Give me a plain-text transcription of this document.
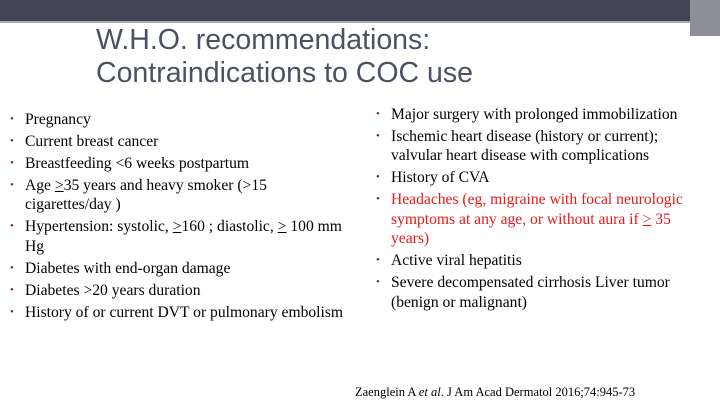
W.H.O. recommendations:
Contraindications to COC use
• Pregnancy
• Current breast cancer
• Breastfeeding <6 weeks postpartum
• Age >35 years and heavy smoker (>15 cigarettes/day )
• Hypertension: systolic, >160 ; diastolic, > 100 mm Hg
• Diabetes with end-organ damage
• Diabetes >20 years duration
• History of or current DVT or pulmonary embolism
• Major surgery with prolonged immobilization
• Ischemic heart disease (history or current); valvular heart disease with complications
• History of CVA
• Headaches (eg, migraine with focal neurologic symptoms at any age, or without aura if > 35 years)
• Active viral hepatitis
• Severe decompensated cirrhosis Liver tumor (benign or malignant)

Zaenglein A et al. J Am Acad Dermatol 2016;74:945-73
